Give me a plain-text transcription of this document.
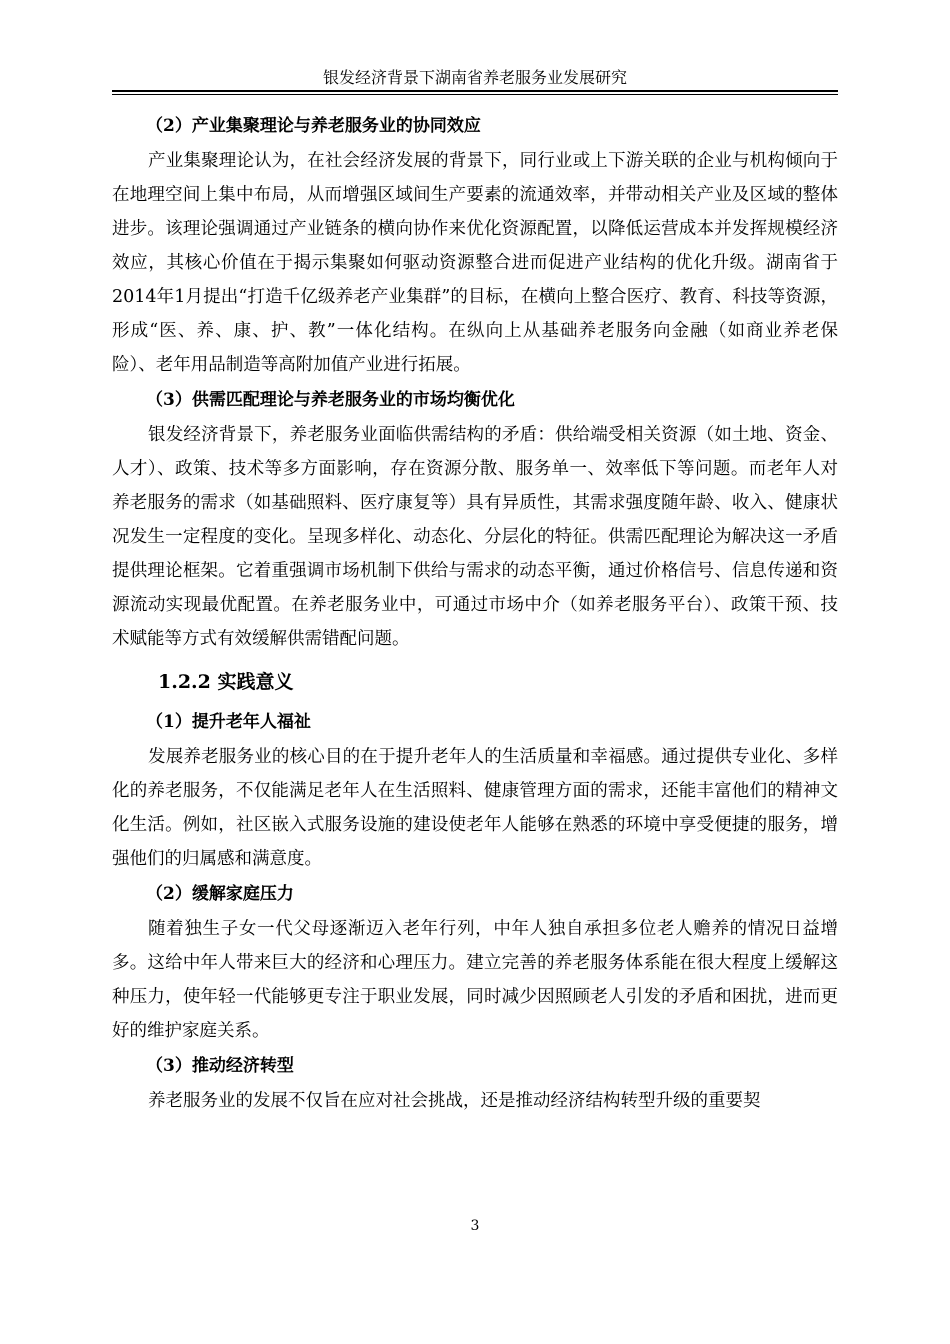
银发经济背景下湖南省养老服务业发展研究

（2）产业集聚理论与养老服务业的协同效应

产业集聚理论认为，在社会经济发展的背景下，同行业或上下游关联的企业与机构倾向于在地理空间上集中布局，从而增强区域间生产要素的流通效率，并带动相关产业及区域的整体进步。该理论强调通过产业链条的横向协作来优化资源配置，以降低运营成本并发挥规模经济效应，其核心价值在于揭示集聚如何驱动资源整合进而促进产业结构的优化升级。湖南省于2014年1月提出“打造千亿级养老产业集群”的目标，在横向上整合医疗、教育、科技等资源，形成“医、养、康、护、教”一体化结构。在纵向上从基础养老服务向金融（如商业养老保险）、老年用品制造等高附加值产业进行拓展。

（3）供需匹配理论与养老服务业的市场均衡优化

银发经济背景下，养老服务业面临供需结构的矛盾：供给端受相关资源（如土地、资金、人才）、政策、技术等多方面影响，存在资源分散、服务单一、效率低下等问题。而老年人对养老服务的需求（如基础照料、医疗康复等）具有异质性，其需求强度随年龄、收入、健康状况发生一定程度的变化。呈现多样化、动态化、分层化的特征。供需匹配理论为解决这一矛盾提供理论框架。它着重强调市场机制下供给与需求的动态平衡，通过价格信号、信息传递和资源流动实现最优配置。在养老服务业中，可通过市场中介（如养老服务平台）、政策干预、技术赋能等方式有效缓解供需错配问题。

1.2.2 实践意义

（1）提升老年人福祉

发展养老服务业的核心目的在于提升老年人的生活质量和幸福感。通过提供专业化、多样化的养老服务，不仅能满足老年人在生活照料、健康管理方面的需求，还能丰富他们的精神文化生活。例如，社区嵌入式服务设施的建设使老年人能够在熟悉的环境中享受便捷的服务，增强他们的归属感和满意度。

（2）缓解家庭压力

随着独生子女一代父母逐渐迈入老年行列，中年人独自承担多位老人赡养的情况日益增多。这给中年人带来巨大的经济和心理压力。建立完善的养老服务体系能在很大程度上缓解这种压力，使年轻一代能够更专注于职业发展，同时减少因照顾老人引发的矛盾和困扰，进而更好的维护家庭关系。

（3）推动经济转型

养老服务业的发展不仅旨在应对社会挑战，还是推动经济结构转型升级的重要契

3
